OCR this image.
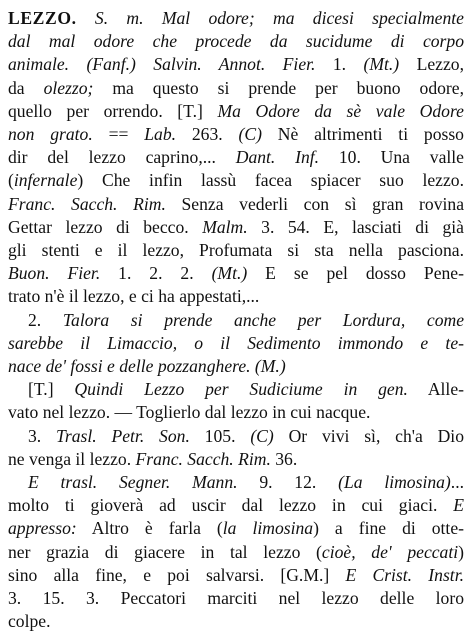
LEZZO. S. m. Mal odore; ma dicesi specialmente
dal mal odore che procede da sucidume di corpo
animale. (Fanf.) Salvin. Annot. Fier. 1. (Mt.) Lezzo,
da olezzo; ma questo si prende per buono odore,
quello per orrendo. [T.] Ma Odore da sè vale Odore
non grato. == Lab. 263. (C) Nè altrimenti ti posso
dir del lezzo caprino,... Dant. Inf. 10. Una valle
(infernale) Che infin lassù facea spiacer suo lezzo.
Franc. Sacch. Rim. Senza vederli con sì gran rovina
Gettar lezzo di becco. Malm. 3. 54. E, lasciati di già
gli stenti e il lezzo, Profumata si sta nella pasciona.
Buon. Fier. 1. 2. 2. (Mt.) E se pel dosso Pene-
trato n'è il lezzo, e ci ha appestati,...
2. Talora si prende anche per Lordura, come
sarebbe il Limaccio, o il Sedimento immondo e te-
nace de' fossi e delle pozzanghere. (M.)
[T.] Quindi Lezzo per Sudiciume in gen. Alle-
vato nel lezzo. — Toglierlo dal lezzo in cui nacque.
3. Trasl. Petr. Son. 105. (C) Or vivi sì, ch'a Dio
ne venga il lezzo. Franc. Sacch. Rim. 36.
E trasl. Segner. Mann. 9. 12. (La limosina)...
molto ti gioverà ad uscir dal lezzo in cui giaci. E
appresso: Altro è farla (la limosina) a fine di otte-
ner grazia di giacere in tal lezzo (cioè, de' peccati)
sino alla fine, e poi salvarsi. [G.M.] E Crist. Instr.
3. 15. 3. Peccatori marciti nel lezzo delle loro
colpe.
